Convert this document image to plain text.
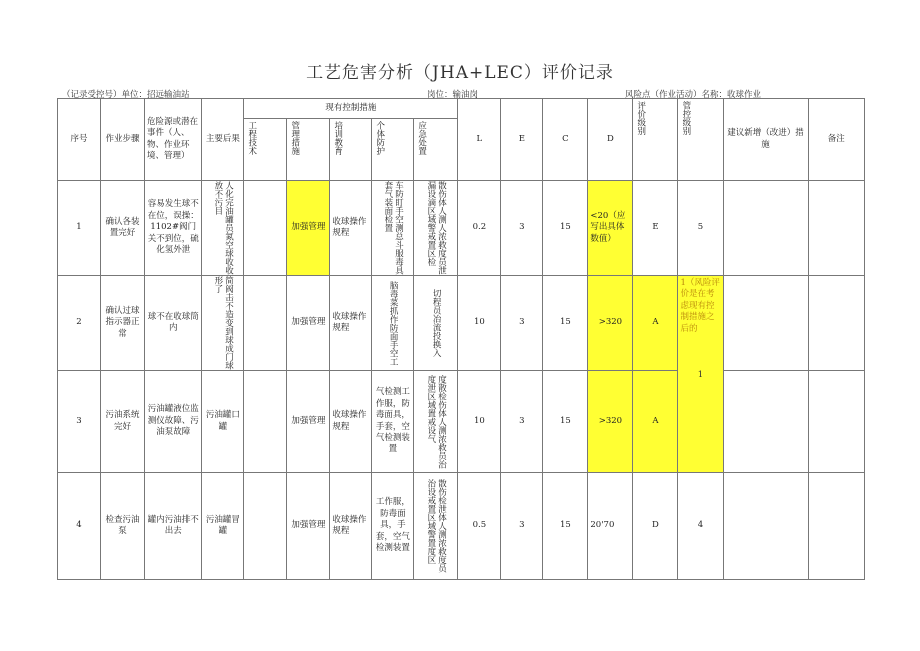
工艺危害分析（JHA+LEC）评价记录
（记录受控号）单位：招远输油站	岗位：输油岗	风险点（作业活动）名称：收球作业
序号	作业步骤	危险源或潜在事件（人、物、作业环境、管理）	主要后果	现有控制措施					L	E	C	D	评价级别	管控级别	建议新增（改进）措施	备注

				工程技术	管理措施	培训教育	个体防护	应急处置								

1	确认各装置完好	容易发生球不在位，误操：1102#阀门关不到位，硫化氢外泄	人化完油罐员氮空球收收放不污目		加强管理	收球操作规程	车防盯手空测总斗服毒具套气装面检置	散伤体人测人浓救度员泄漏设滴区域警戒置区检	0.2	3	15	<20（应写出具体数值）	E	5		
2	确认过球指示器正常	球不在收球筒内	简阀击不造变到球成门球形了		加强管理	收球操作规程	脑毒菜抓作防面手空工	切程员冶流投换入	10	3	15	>320	A	1（风险评价是在考虑现有控制措施之后的

1		

3	污油系统完好	污油罐液位监测仪故障、污油泵故障	污油罐口罐		加强管理	收球操作规程	气检测工作服，防毒面具，手套，空气检测装置	度散检伤体人测浓救员治度泄区域置戒设气	10	3	15	>320	A			
4	检查污油泵	罐内污油排不出去	污油罐冒罐		加强管理	收球操作规程	工作服，防毒面具，手套，空气检测装置	散伤检泄体人测浓救度员治设戒置区域警置度区	0.5	3	15	20'70	D	4		
